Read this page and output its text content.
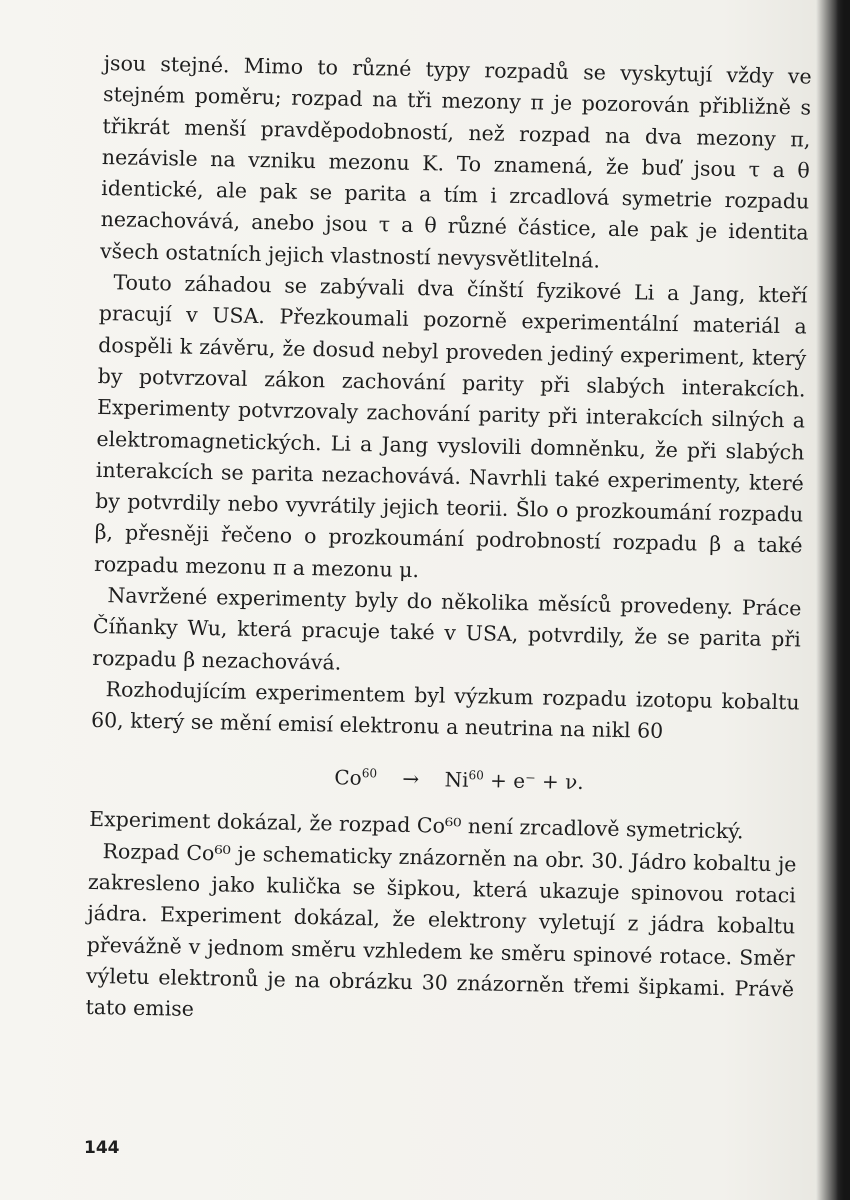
jsou stejné. Mimo to různé typy rozpadů se vyskytují vždy ve stejném poměru; rozpad na tři mezony π je pozorován přibližně s třikrát menší pravděpodobností, než rozpad na dva mezony π, nezávisle na vzniku mezonu K. To znamená, že buď jsou τ a θ identické, ale pak se parita a tím i zrcadlová symetrie rozpadu nezachovává, anebo jsou τ a θ různé částice, ale pak je identita všech ostatních jejich vlastností nevysvětlitelná.

Touto záhadou se zabývali dva čínští fyzikové Li a Jang, kteří pracují v USA. Přezkoumali pozorně experimentální materiál a dospěli k závěru, že dosud nebyl proveden jediný experiment, který by potvrzoval zákon zachování parity při slabých interakcích. Experimenty potvrzovaly zachování parity při interakcích silných a elektromagnetických. Li a Jang vyslovili domněnku, že při slabých interakcích se parita nezachovává. Navrhli také experimenty, které by potvrdily nebo vyvrátily jejich teorii. Šlo o prozkoumání rozpadu β, přesněji řečeno o prozkoumání podrobností rozpadu β a také rozpadu mezonu π a mezonu μ.

Navržené experimenty byly do několika měsíců provedeny. Práce Číňanky Wu, která pracuje také v USA, potvrdily, že se parita při rozpadu β nezachovává.

Rozhodujícím experimentem byl výzkum rozpadu izotopu kobaltu 60, který se mění emisí elektronu a neutrina na nikl 60

$Co^{60} \to Ni^{60} + e^- + \nu$.

Experiment dokázal, že rozpad Co⁶⁰ není zrcadlově symetrický.

Rozpad Co⁶⁰ je schematicky znázorněn na obr. 30. Jádro kobaltu je zakresleno jako kulička se šipkou, která ukazuje spinovou rotaci jádra. Experiment dokázal, že elektrony vyletují z jádra kobaltu převážně v jednom směru vzhledem ke směru spinové rotace. Směr výletu elektronů je na obrázku 30 znázorněn třemi šipkami. Právě tato emise

144
